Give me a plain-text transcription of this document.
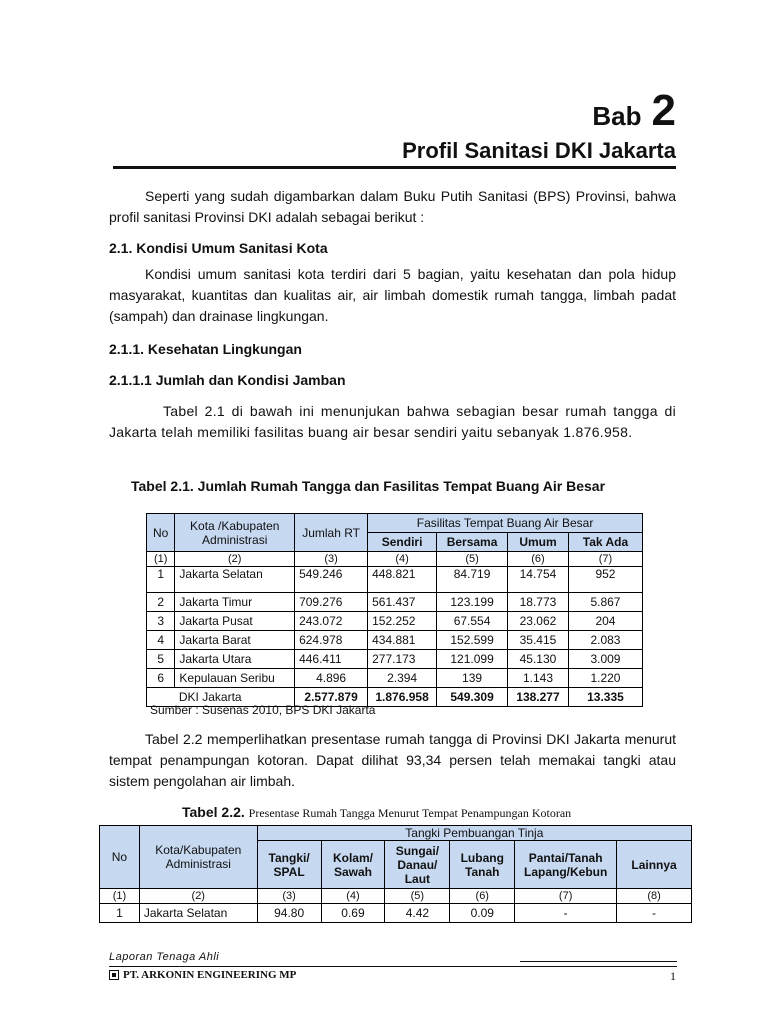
Bab 2
Profil Sanitasi DKI Jakarta
Seperti yang sudah digambarkan dalam Buku Putih Sanitasi (BPS) Provinsi, bahwa profil sanitasi Provinsi DKI adalah sebagai berikut :
2.1. Kondisi Umum Sanitasi Kota
Kondisi umum sanitasi kota terdiri dari 5 bagian, yaitu kesehatan dan pola hidup masyarakat, kuantitas dan kualitas air, air limbah domestik rumah tangga, limbah padat (sampah) dan drainase lingkungan.
2.1.1. Kesehatan Lingkungan
2.1.1.1 Jumlah dan Kondisi Jamban
Tabel 2.1 di bawah ini menunjukan bahwa sebagian besar rumah tangga di Jakarta telah memiliki fasilitas buang air besar sendiri yaitu sebanyak 1.876.958.
Tabel 2.1. Jumlah Rumah Tangga dan Fasilitas Tempat Buang Air Besar
No	Kota /Kabupaten Administrasi	Jumlah RT	Fasilitas Tempat Buang Air Besar			
			Sendiri	Bersama	Umum	Tak Ada
(1)	(2)	(3)	(4)	(5)	(6)	(7)
1	Jakarta Selatan	549.246	448.821	84.719	14.754	952
2	Jakarta Timur	709.276	561.437	123.199	18.773	5.867
3	Jakarta Pusat	243.072	152.252	67.554	23.062	204
4	Jakarta Barat	624.978	434.881	152.599	35.415	2.083
5	Jakarta Utara	446.411	277.173	121.099	45.130	3.009
6	Kepulauan Seribu	4.896	2.394	139	1.143	1.220
	DKI Jakarta	2.577.879	1.876.958	549.309	138.277	13.335
Sumber : Susenas 2010, BPS DKI Jakarta
Tabel 2.2 memperlihatkan presentase rumah tangga di Provinsi DKI Jakarta menurut tempat penampungan kotoran. Dapat dilihat 93,34 persen telah memakai tangki atau sistem pengolahan air limbah.
Tabel 2.2. Presentase Rumah Tangga Menurut Tempat Penampungan Kotoran
No	Kota/Kabupaten Administrasi	Tangki Pembuangan Tinja					
		Tangki/ SPAL	Kolam/ Sawah	Sungai/ Danau/ Laut	Lubang Tanah	Pantai/Tanah Lapang/Kebun	Lainnya
(1)	(2)	(3)	(4)	(5)	(6)	(7)	(8)
1	Jakarta Selatan	94.80	0.69	4.42	0.09	-	-
Laporan Tenaga Ahli
PT. ARKONIN ENGINEERING MP	1
